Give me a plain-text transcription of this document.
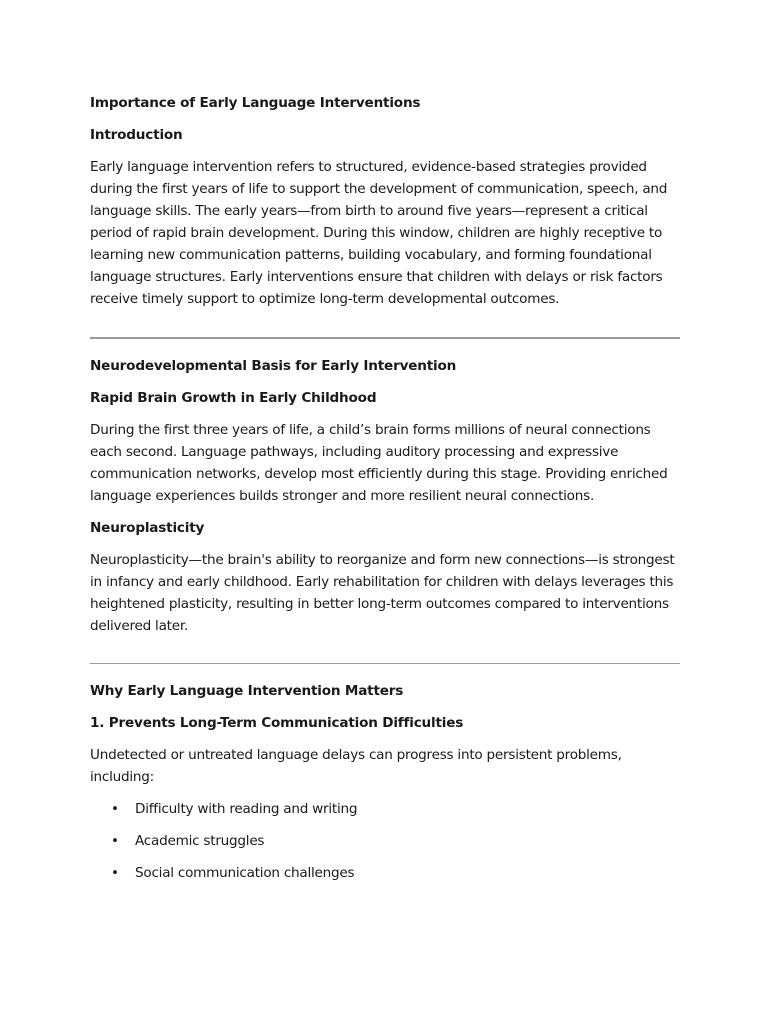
Importance of Early Language Interventions

Introduction

Early language intervention refers to structured, evidence-based strategies provided during the first years of life to support the development of communication, speech, and language skills. The early years—from birth to around five years—represent a critical period of rapid brain development. During this window, children are highly receptive to learning new communication patterns, building vocabulary, and forming foundational language structures. Early interventions ensure that children with delays or risk factors receive timely support to optimize long-term developmental outcomes.

Neurodevelopmental Basis for Early Intervention

Rapid Brain Growth in Early Childhood

During the first three years of life, a child’s brain forms millions of neural connections each second. Language pathways, including auditory processing and expressive communication networks, develop most efficiently during this stage. Providing enriched language experiences builds stronger and more resilient neural connections.

Neuroplasticity

Neuroplasticity—the brain's ability to reorganize and form new connections—is strongest in infancy and early childhood. Early rehabilitation for children with delays leverages this heightened plasticity, resulting in better long-term outcomes compared to interventions delivered later.

Why Early Language Intervention Matters

1. Prevents Long-Term Communication Difficulties

Undetected or untreated language delays can progress into persistent problems, including:

• Difficulty with reading and writing
• Academic struggles
• Social communication challenges
